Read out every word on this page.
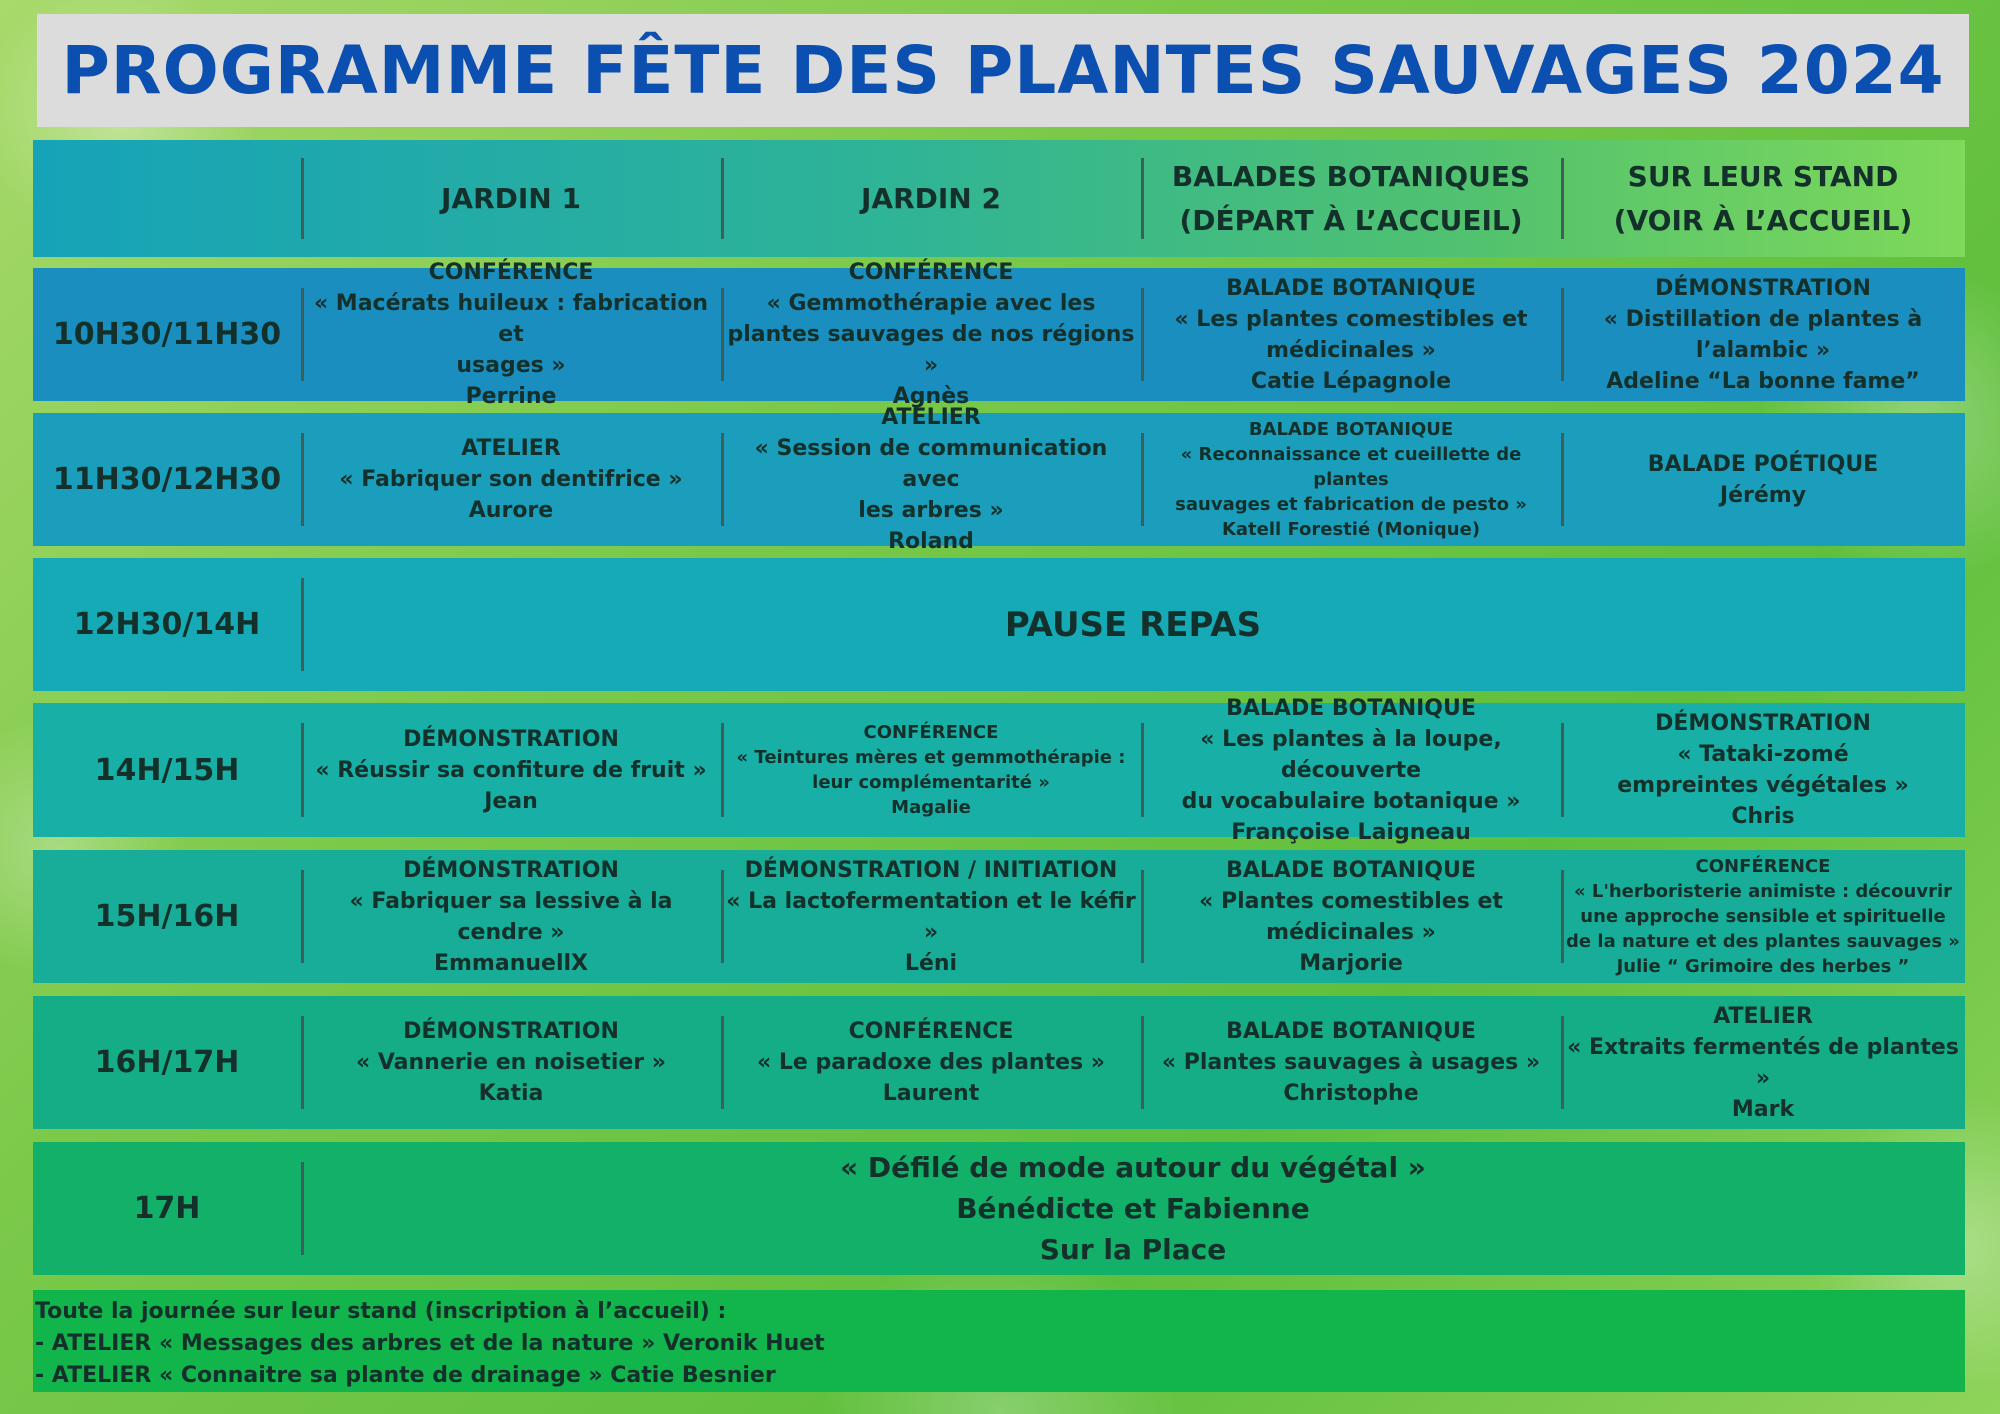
PROGRAMME FÊTE DES PLANTES SAUVAGES 2024
JARDIN 1	JARDIN 2
BALADES BOTANIQUES
(DÉPART À L’ACCUEIL)
SUR LEUR STAND
(VOIR À L’ACCUEIL)
10H30/11H30
CONFÉRENCE
« Macérats huileux : fabrication et
usages »
Perrine
CONFÉRENCE
« Gemmothérapie avec les
plantes sauvages de nos régions »
Agnès
BALADE BOTANIQUE
« Les plantes comestibles et
médicinales »
Catie Lépagnole
DÉMONSTRATION
« Distillation de plantes à
l’alambic »
Adeline “La bonne fame”
11H30/12H30
ATELIER
« Fabriquer son dentifrice »
Aurore
ATELIER
« Session de communication avec
les arbres »
Roland
BALADE BOTANIQUE
« Reconnaissance et cueillette de plantes
sauvages et fabrication de pesto »
Katell Forestié (Monique)
BALADE POÉTIQUE
Jérémy
12H30/14H	PAUSE REPAS
14H/15H
DÉMONSTRATION
« Réussir sa confiture de fruit »
Jean
CONFÉRENCE
« Teintures mères et gemmothérapie :
leur complémentarité »
Magalie
BALADE BOTANIQUE
« Les plantes à la loupe, découverte
du vocabulaire botanique »
Françoise Laigneau
DÉMONSTRATION
« Tataki-zomé
empreintes végétales »
Chris
15H/16H
DÉMONSTRATION
« Fabriquer sa lessive à la cendre »
EmmanuellX
DÉMONSTRATION / INITIATION
« La lactofermentation et le kéfir »
Léni
BALADE BOTANIQUE
« Plantes comestibles et
médicinales »
Marjorie
CONFÉRENCE
« L'herboristerie animiste : découvrir
une approche sensible et spirituelle
de la nature et des plantes sauvages »
Julie “ Grimoire des herbes ”
16H/17H
DÉMONSTRATION
« Vannerie en noisetier »
Katia
CONFÉRENCE
« Le paradoxe des plantes »
Laurent
BALADE BOTANIQUE
« Plantes sauvages à usages »
Christophe
ATELIER
« Extraits fermentés de plantes »
Mark
17H
« Défilé de mode autour du végétal »
Bénédicte et Fabienne
Sur la Place
Toute la journée sur leur stand (inscription à l’accueil) :
- ATELIER « Messages des arbres et de la nature » Veronik Huet
- ATELIER « Connaitre sa plante de drainage » Catie Besnier
